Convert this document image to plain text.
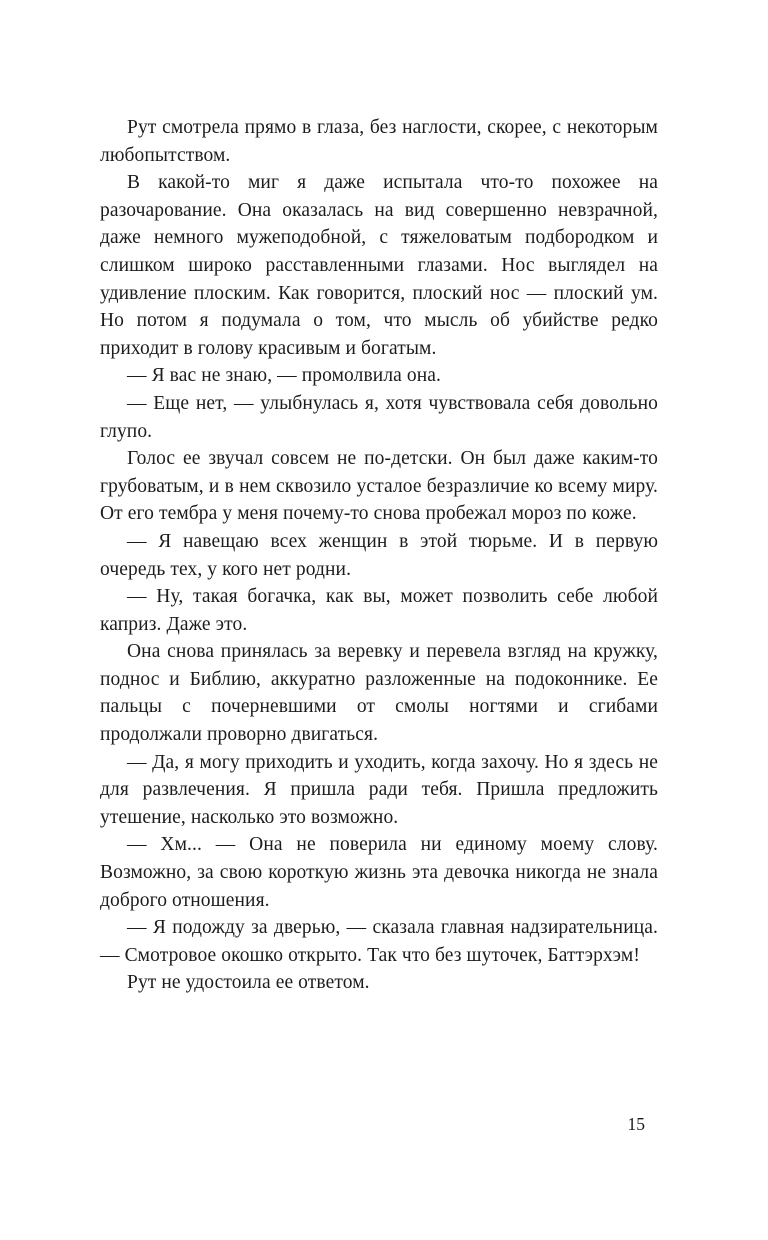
Рут смотрела прямо в глаза, без наглости, скорее, с некоторым любопытством.

В какой-то миг я даже испытала что-то похожее на разочарование. Она оказалась на вид совершенно невзрачной, даже немного мужеподобной, с тяжеловатым подбородком и слишком широко расставленными глазами. Нос выглядел на удивление плоским. Как говорится, плоский нос — плоский ум. Но потом я подумала о том, что мысль об убийстве редко приходит в голову красивым и богатым.

— Я вас не знаю, — промолвила она.

— Еще нет, — улыбнулась я, хотя чувствовала себя довольно глупо.

Голос ее звучал совсем не по-детски. Он был даже каким-то грубоватым, и в нем сквозило усталое безразличие ко всему миру. От его тембра у меня почему-то снова пробежал мороз по коже.

— Я навещаю всех женщин в этой тюрьме. И в первую очередь тех, у кого нет родни.

— Ну, такая богачка, как вы, может позволить себе любой каприз. Даже это.

Она снова принялась за веревку и перевела взгляд на кружку, поднос и Библию, аккуратно разложенные на подоконнике. Ее пальцы с почерневшими от смолы ногтями и сгибами продолжали проворно двигаться.

— Да, я могу приходить и уходить, когда захочу. Но я здесь не для развлечения. Я пришла ради тебя. Пришла предложить утешение, насколько это возможно.

— Хм... — Она не поверила ни единому моему слову. Возможно, за свою короткую жизнь эта девочка никогда не знала доброго отношения.

— Я подожду за дверью, — сказала главная надзирательница. — Смотровое окошко открыто. Так что без шуточек, Баттэрхэм!

Рут не удостоила ее ответом.

15
